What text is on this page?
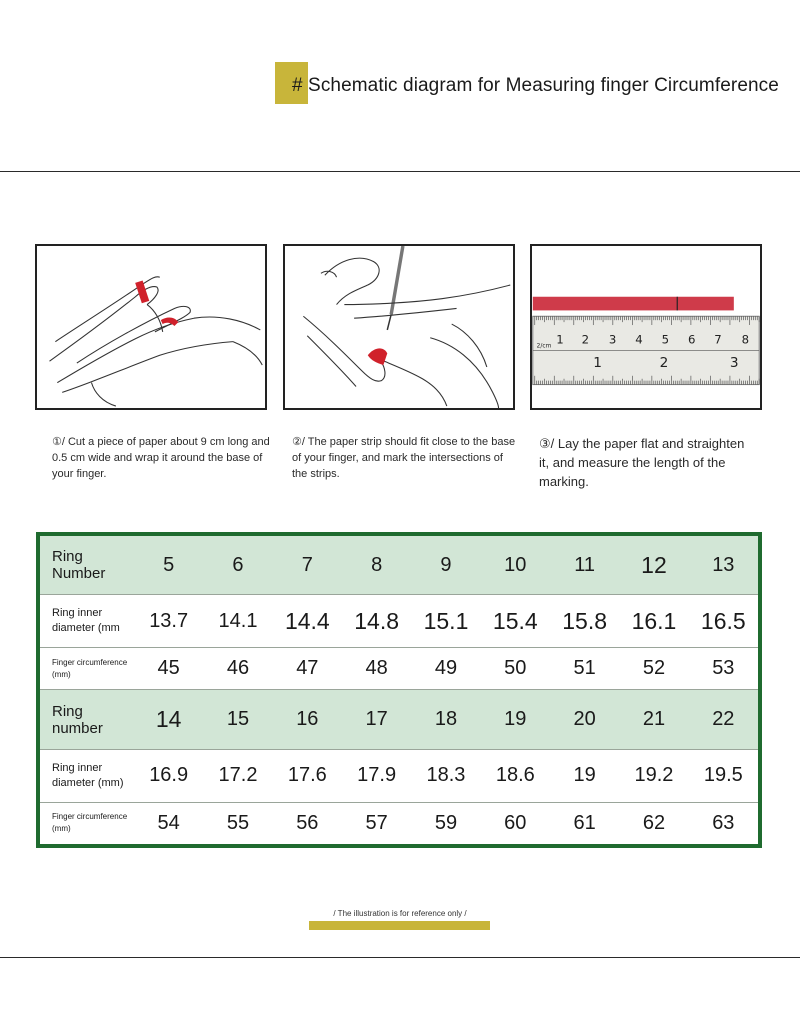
# Schematic diagram for Measuring finger Circumference
1 2 3 4 5 6 7 8
2/cm
1	2	3
①/ Cut a piece of paper about 9 cm long and 0.5 cm wide and wrap it around the base of your finger.
②/ The paper strip should fit close to the base of your finger, and mark the intersections of the strips.
③/ Lay the paper flat and straighten it, and measure the length of the marking.
Ring Number	5	6	7	8	9	10	11	12	13
Ring inner diameter (mm	13.7	14.1	14.4	14.8	15.1	15.4	15.8	16.1	16.5
Finger circumference (mm)	45	46	47	48	49	50	51	52	53
Ring number	14	15	16	17	18	19	20	21	22
Ring inner diameter (mm)	16.9	17.2	17.6	17.9	18.3	18.6	19	19.2	19.5
Finger circumference (mm)	54	55	56	57	59	60	61	62	63
/ The illustration is for reference only /
